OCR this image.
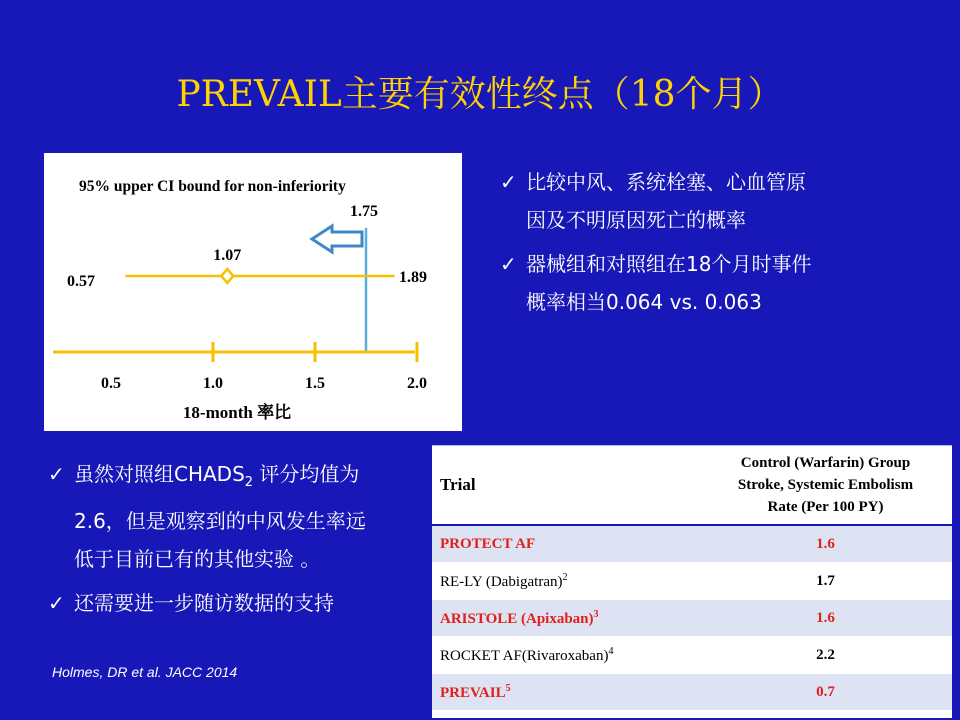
PREVAIL主要有效性终点（18个月）
95% upper CI bound for non-inferiority
1.75
1.07
0.57	1.89
0.5	1.0	1.5	2.0
18-month 率比
✓ 比较中风、系统栓塞、心血管原
因及不明原因死亡的概率
✓ 器械组和对照组在18个月时事件
概率相当0.064 vs. 0.063
✓ 虽然对照组$CHADS_2$ 评分均值为
2.6，但是观察到的中风发生率远
低于目前已有的其他实验 。
✓ 还需要进一步随访数据的支持
Holmes, DR et al. JACC 2014
Trial	Control (Warfarin) Group
Stroke, Systemic Embolism
Rate (Per 100 PY)
PROTECT AF	1.6
RE-LY (Dabigatran)$^2$	1.7
ARISTOLE (Apixaban)$^3$	1.6
ROCKET AF(Rivaroxaban)$^4$	2.2
PREVAIL$^5$	0.7
